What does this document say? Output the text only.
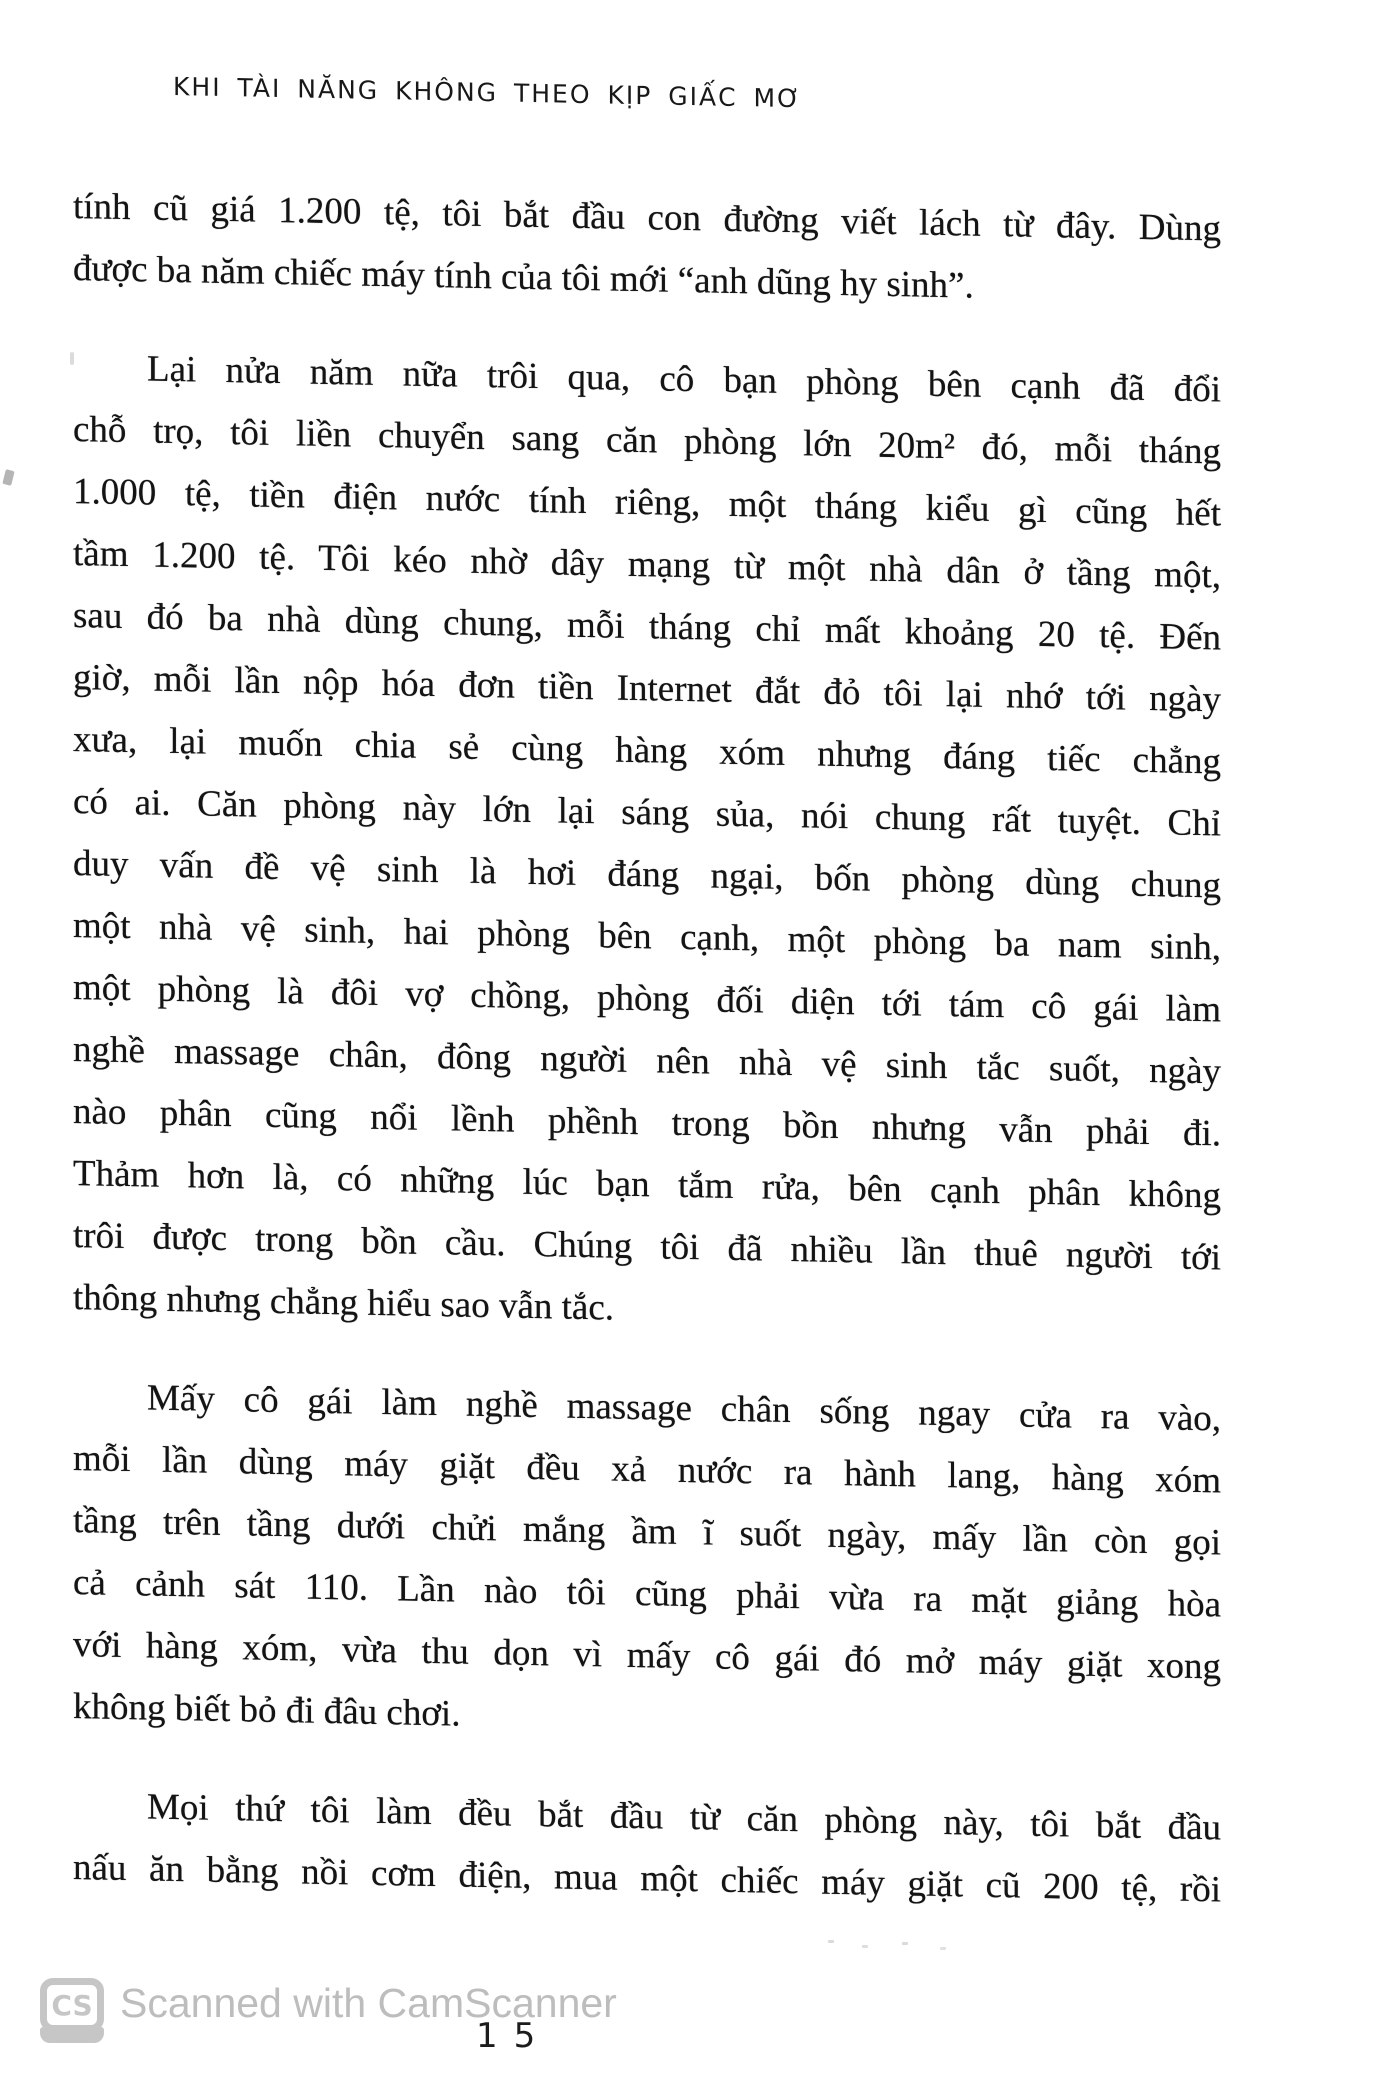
KHI TÀI NĂNG KHÔNG THEO KỊP GIẤC MƠ
tính cũ giá 1.200 tệ, tôi bắt đầu con đường viết lách từ đây. Dùng
được ba năm chiếc máy tính của tôi mới “anh dũng hy sinh”.
Lại nửa năm nữa trôi qua, cô bạn phòng bên cạnh đã đổi
chỗ trọ, tôi liền chuyển sang căn phòng lớn 20m² đó, mỗi tháng
1.000 tệ, tiền điện nước tính riêng, một tháng kiểu gì cũng hết
tầm 1.200 tệ. Tôi kéo nhờ dây mạng từ một nhà dân ở tầng một,
sau đó ba nhà dùng chung, mỗi tháng chỉ mất khoảng 20 tệ. Đến
giờ, mỗi lần nộp hóa đơn tiền Internet đắt đỏ tôi lại nhớ tới ngày
xưa, lại muốn chia sẻ cùng hàng xóm nhưng đáng tiếc chẳng
có ai. Căn phòng này lớn lại sáng sủa, nói chung rất tuyệt. Chỉ
duy vấn đề vệ sinh là hơi đáng ngại, bốn phòng dùng chung
một nhà vệ sinh, hai phòng bên cạnh, một phòng ba nam sinh,
một phòng là đôi vợ chồng, phòng đối diện tới tám cô gái làm
nghề massage chân, đông người nên nhà vệ sinh tắc suốt, ngày
nào phân cũng nổi lềnh phềnh trong bồn nhưng vẫn phải đi.
Thảm hơn là, có những lúc bạn tắm rửa, bên cạnh phân không
trôi được trong bồn cầu. Chúng tôi đã nhiều lần thuê người tới
thông nhưng chẳng hiểu sao vẫn tắc.
Mấy cô gái làm nghề massage chân sống ngay cửa ra vào,
mỗi lần dùng máy giặt đều xả nước ra hành lang, hàng xóm
tầng trên tầng dưới chửi mắng ầm ĩ suốt ngày, mấy lần còn gọi
cả cảnh sát 110. Lần nào tôi cũng phải vừa ra mặt giảng hòa
với hàng xóm, vừa thu dọn vì mấy cô gái đó mở máy giặt xong
không biết bỏ đi đâu chơi.
Mọi thứ tôi làm đều bắt đầu từ căn phòng này, tôi bắt đầu
nấu ăn bằng nồi cơm điện, mua một chiếc máy giặt cũ 200 tệ, rồi
15
CS Scanned with CamScanner
